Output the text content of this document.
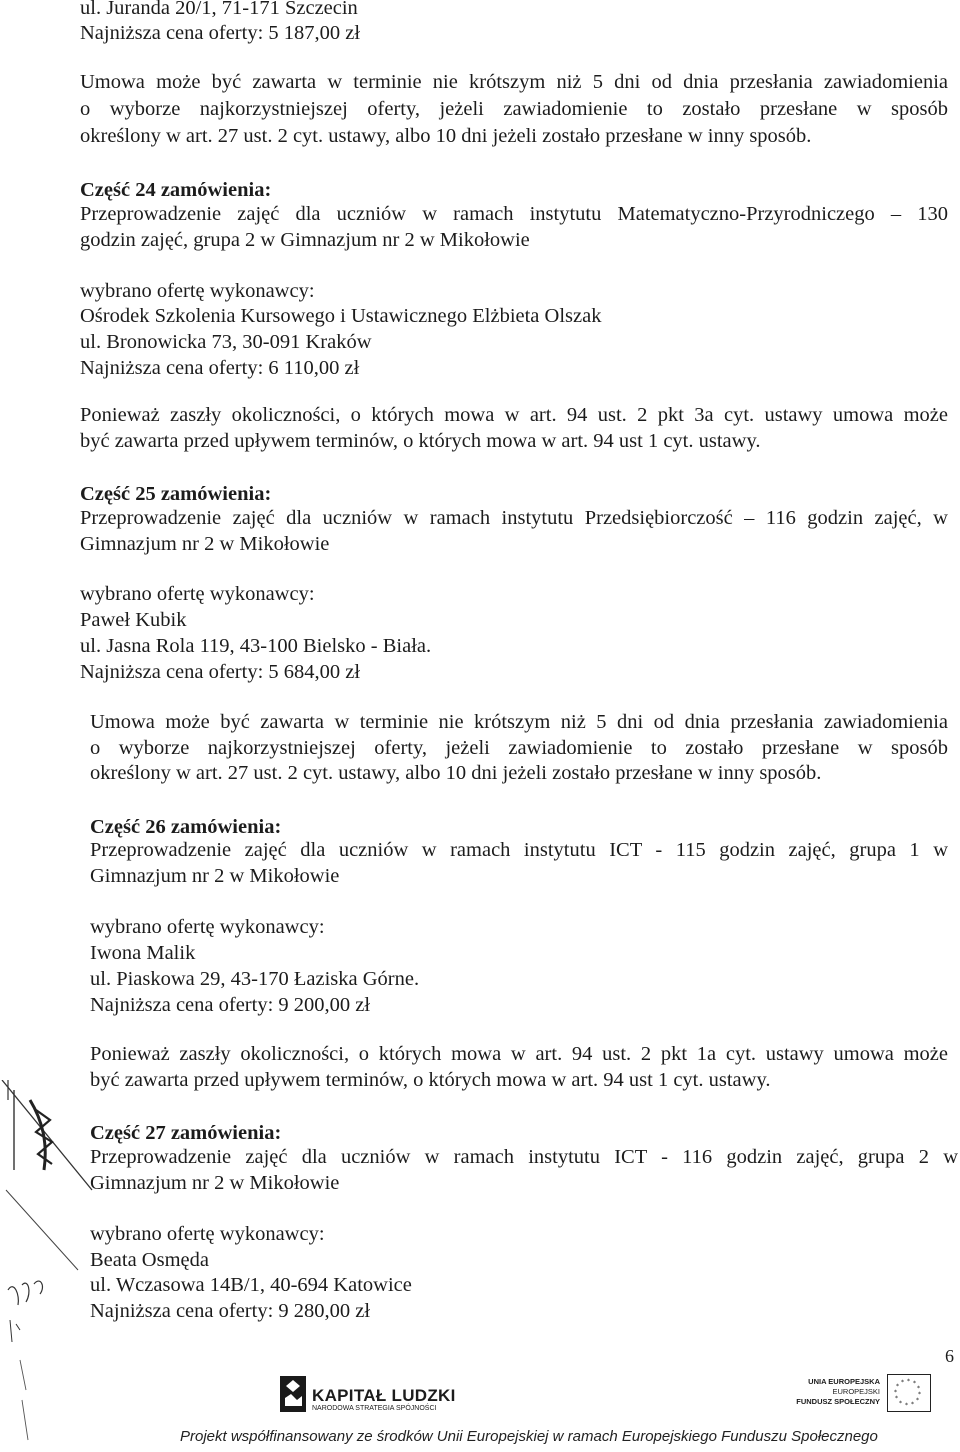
ul. Juranda 20/1, 71-171 Szczecin
Najniższa cena oferty: 5 187,00 zł
Umowa może być zawarta w terminie nie krótszym niż 5 dni od dnia przesłania zawiadomienia
o wyborze najkorzystniejszej oferty, jeżeli zawiadomienie to zostało przesłane w sposób
określony w art. 27 ust. 2 cyt. ustawy, albo 10 dni jeżeli zostało przesłane w inny sposób.
Część 24 zamówienia:
Przeprowadzenie zajęć dla uczniów w ramach instytutu Matematyczno-Przyrodniczego – 130
godzin zajęć, grupa 2 w Gimnazjum nr 2 w Mikołowie
wybrano ofertę wykonawcy:
Ośrodek Szkolenia Kursowego i Ustawicznego Elżbieta Olszak
ul. Bronowicka 73, 30-091 Kraków
Najniższa cena oferty: 6 110,00 zł
Ponieważ zaszły okoliczności, o których mowa w art. 94 ust. 2 pkt 3a cyt. ustawy umowa może
być zawarta przed upływem terminów, o których mowa w art. 94 ust 1 cyt. ustawy.
Część 25 zamówienia:
Przeprowadzenie zajęć dla uczniów w ramach instytutu Przedsiębiorczość – 116 godzin zajęć, w
Gimnazjum nr 2 w Mikołowie
wybrano ofertę wykonawcy:
Paweł Kubik
ul. Jasna Rola 119, 43-100 Bielsko - Biała.
Najniższa cena oferty: 5 684,00 zł
Umowa może być zawarta w terminie nie krótszym niż 5 dni od dnia przesłania zawiadomienia
o wyborze najkorzystniejszej oferty, jeżeli zawiadomienie to zostało przesłane w sposób
określony w art. 27 ust. 2 cyt. ustawy, albo 10 dni jeżeli zostało przesłane w inny sposób.
Część 26 zamówienia:
Przeprowadzenie zajęć dla uczniów w ramach instytutu ICT - 115 godzin zajęć, grupa 1 w
Gimnazjum nr 2 w Mikołowie
wybrano ofertę wykonawcy:
Iwona Malik
ul. Piaskowa 29, 43-170 Łaziska Górne.
Najniższa cena oferty: 9 200,00 zł
Ponieważ zaszły okoliczności, o których mowa w art. 94 ust. 2 pkt 1a cyt. ustawy umowa może
być zawarta przed upływem terminów, o których mowa w art. 94 ust 1 cyt. ustawy.
Część 27 zamówienia:
Przeprowadzenie zajęć dla uczniów w ramach instytutu ICT - 116 godzin zajęć, grupa 2 w
Gimnazjum nr 2 w Mikołowie
wybrano ofertę wykonawcy:
Beata Osmęda
ul. Wczasowa 14B/1, 40-694 Katowice
Najniższa cena oferty: 9 280,00 zł
6
KAPITAŁ LUDZKI
NARODOWA STRATEGIA SPÓJNOŚCI
UNIA EUROPEJSKA
EUROPEJSKI
FUNDUSZ SPOŁECZNY
* *
*
*
*
*
*
*
*
*
*
*
Projekt współfinansowany ze środków Unii Europejskiej w ramach Europejskiego Funduszu Społecznego
